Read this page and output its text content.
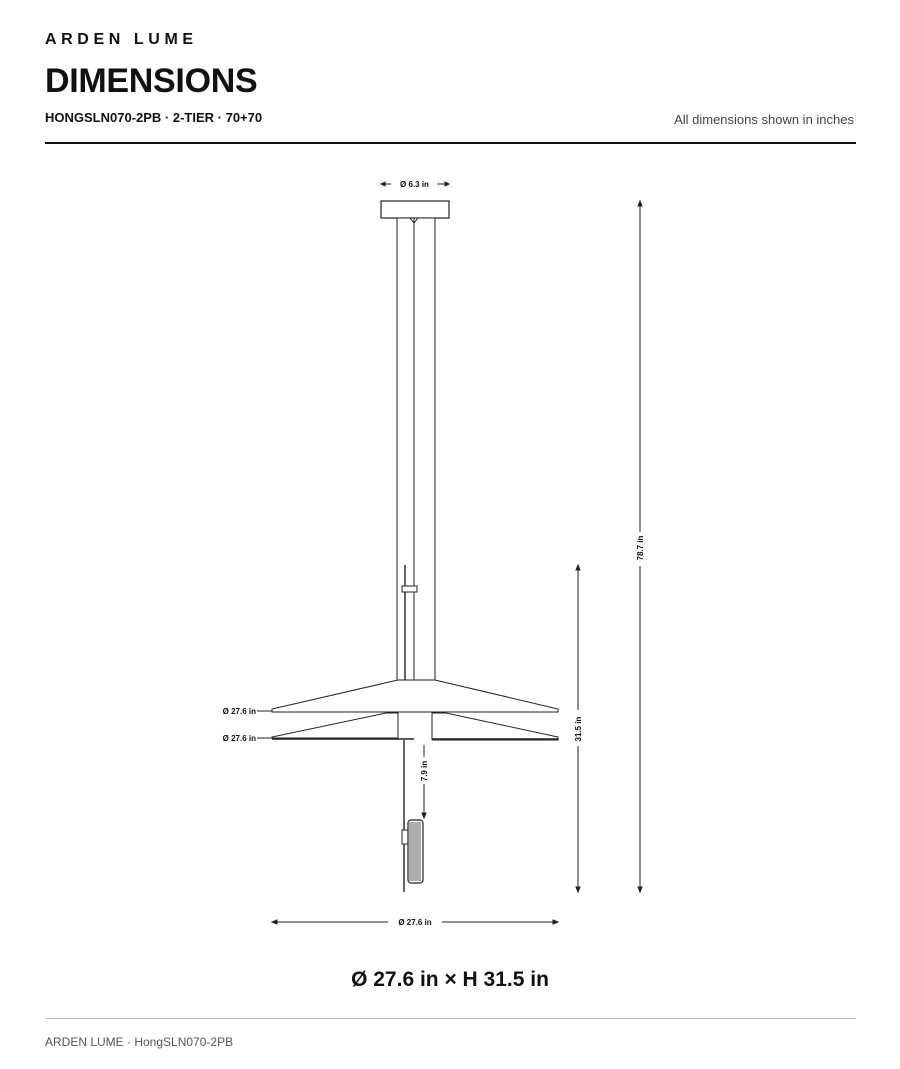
ARDEN LUME
DIMENSIONS
HONGSLN070-2PB · 2-TIER · 70+70	All dimensions shown in inches
Ø 6.3 in
78.7 in
31.5 in
Ø 27.6 in
Ø 27.6 in
7.9 in
Ø 27.6 in
Ø 27.6 in × H 31.5 in
ARDEN LUME · HongSLN070-2PB
